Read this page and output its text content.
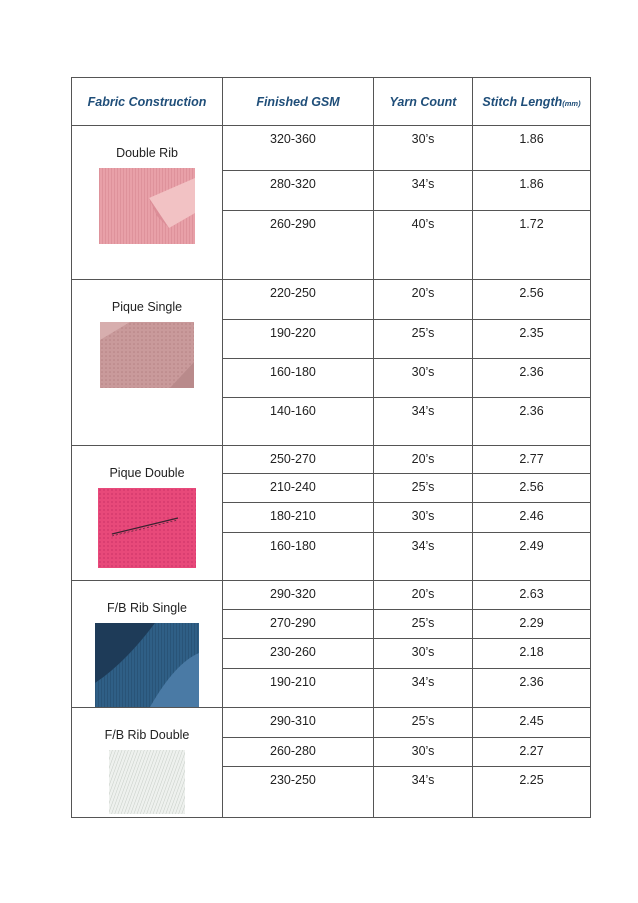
Fabric Construction	Finished GSM	Yarn Count	Stitch Length(mm)

Double Rib	320-360	30’s	1.86

	280-320	34’s	1.86

	260-290	40’s	1.72

Pique Single	220-250	20’s	2.56

	190-220	25’s	2.35

	160-180	30’s	2.36

	140-160	34’s	2.36

Pique Double	250-270	20’s	2.77

	210-240	25’s	2.56

	180-210	30’s	2.46

	160-180	34’s	2.49

F/B Rib Single	290-320	20’s	2.63

	270-290	25’s	2.29

	230-260	30’s	2.18

	190-210	34’s	2.36

F/B Rib Double	290-310	25’s	2.45

	260-280	30’s	2.27

	230-250	34’s	2.25
